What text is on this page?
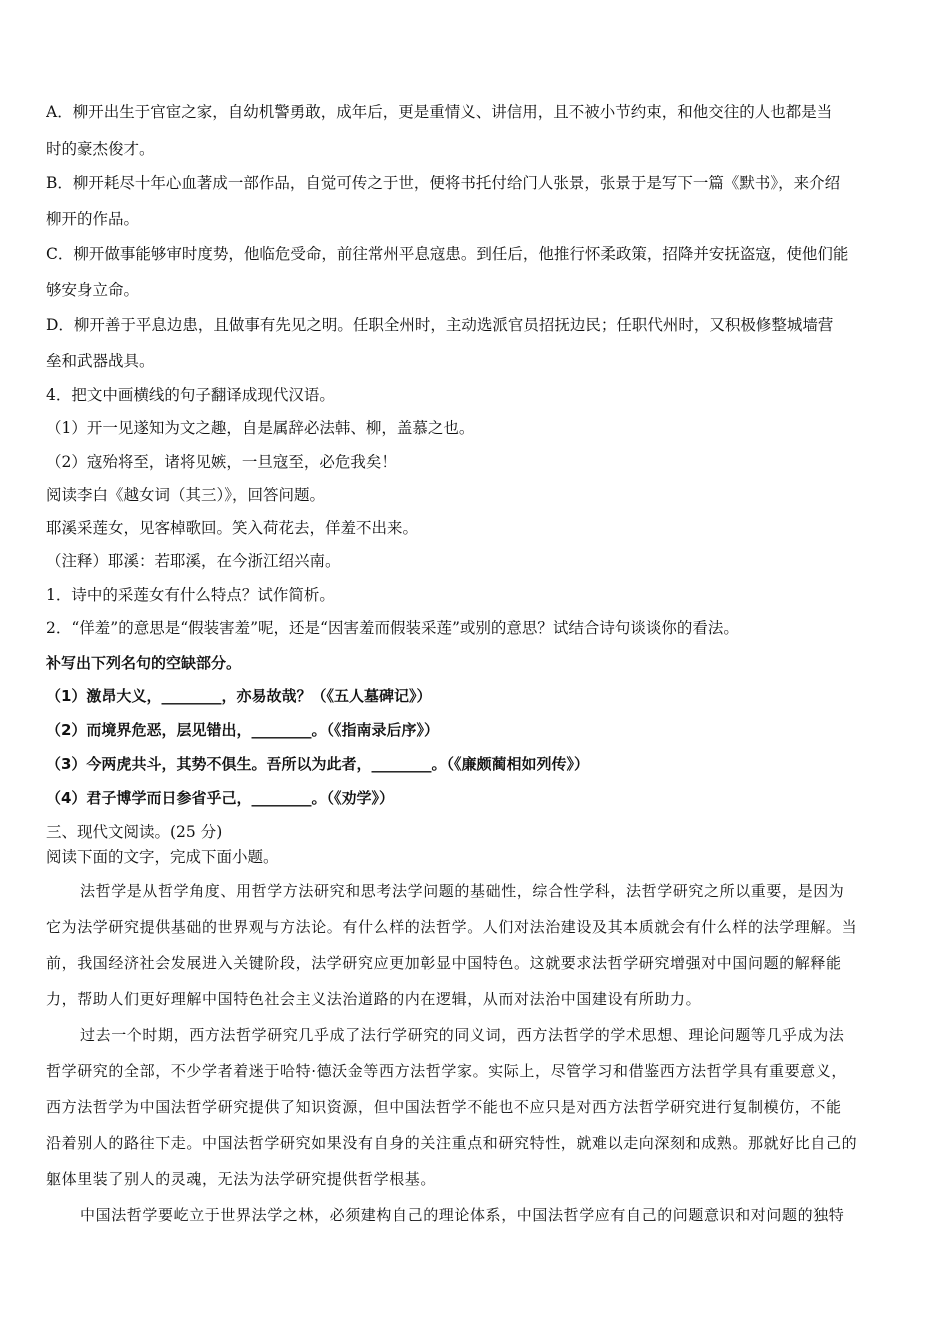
A．柳开出生于官宦之家，自幼机警勇敢，成年后，更是重情义、讲信用，且不被小节约束，和他交往的人也都是当
时的豪杰俊才。
B．柳开耗尽十年心血著成一部作品，自觉可传之于世，便将书托付给门人张景，张景于是写下一篇《默书》，来介绍
柳开的作品。
C．柳开做事能够审时度势，他临危受命，前往常州平息寇患。到任后，他推行怀柔政策，招降并安抚盗寇，使他们能
够安身立命。
D．柳开善于平息边患，且做事有先见之明。任职全州时，主动选派官员招抚边民；任职代州时，又积极修整城墙营
垒和武器战具。
4．把文中画横线的句子翻译成现代汉语。
（1）开一见遂知为文之趣，自是属辞必法韩、柳，盖慕之也。
（2）寇殆将至，诸将见嫉，一旦寇至，必危我矣！
阅读李白《越女词（其三）》，回答问题。
耶溪采莲女，见客棹歌回。笑入荷花去，佯羞不出来。
（注释）耶溪：若耶溪，在今浙江绍兴南。
1．诗中的采莲女有什么特点？试作简析。
2．“佯羞”的意思是“假装害羞”呢，还是“因害羞而假装采莲”或别的意思？试结合诗句谈谈你的看法。
补写出下列名句的空缺部分。
（1）激昂大义，________，亦易故哉？（《五人墓碑记》）
（2）而境界危恶，层见错出，________。（《指南录后序》）
（3）今两虎共斗，其势不俱生。吾所以为此者，________。（《廉颇蔺相如列传》）
（4）君子博学而日参省乎己，________。（《劝学》）
三、现代文阅读。(25 分)
阅读下面的文字，完成下面小题。
法哲学是从哲学角度、用哲学方法研究和思考法学问题的基础性，综合性学科，法哲学研究之所以重要，是因为
它为法学研究提供基础的世界观与方法论。有什么样的法哲学。人们对法治建设及其本质就会有什么样的法学理解。当
前，我国经济社会发展进入关键阶段，法学研究应更加彰显中国特色。这就要求法哲学研究增强对中国问题的解释能
力，帮助人们更好理解中国特色社会主义法治道路的内在逻辑，从而对法治中国建设有所助力。
过去一个时期，西方法哲学研究几乎成了法行学研究的同义词，西方法哲学的学术思想、理论问题等几乎成为法
哲学研究的全部，不少学者着迷于哈特·德沃金等西方法哲学家。实际上，尽管学习和借鉴西方法哲学具有重要意义，
西方法哲学为中国法哲学研究提供了知识资源，但中国法哲学不能也不应只是对西方法哲学研究进行复制模仿，不能
沿着别人的路往下走。中国法哲学研究如果没有自身的关注重点和研究特性，就难以走向深刻和成熟。那就好比自己的
躯体里装了别人的灵魂，无法为法学研究提供哲学根基。
中国法哲学要屹立于世界法学之林，必须建构自己的理论体系，中国法哲学应有自己的问题意识和对问题的独特
